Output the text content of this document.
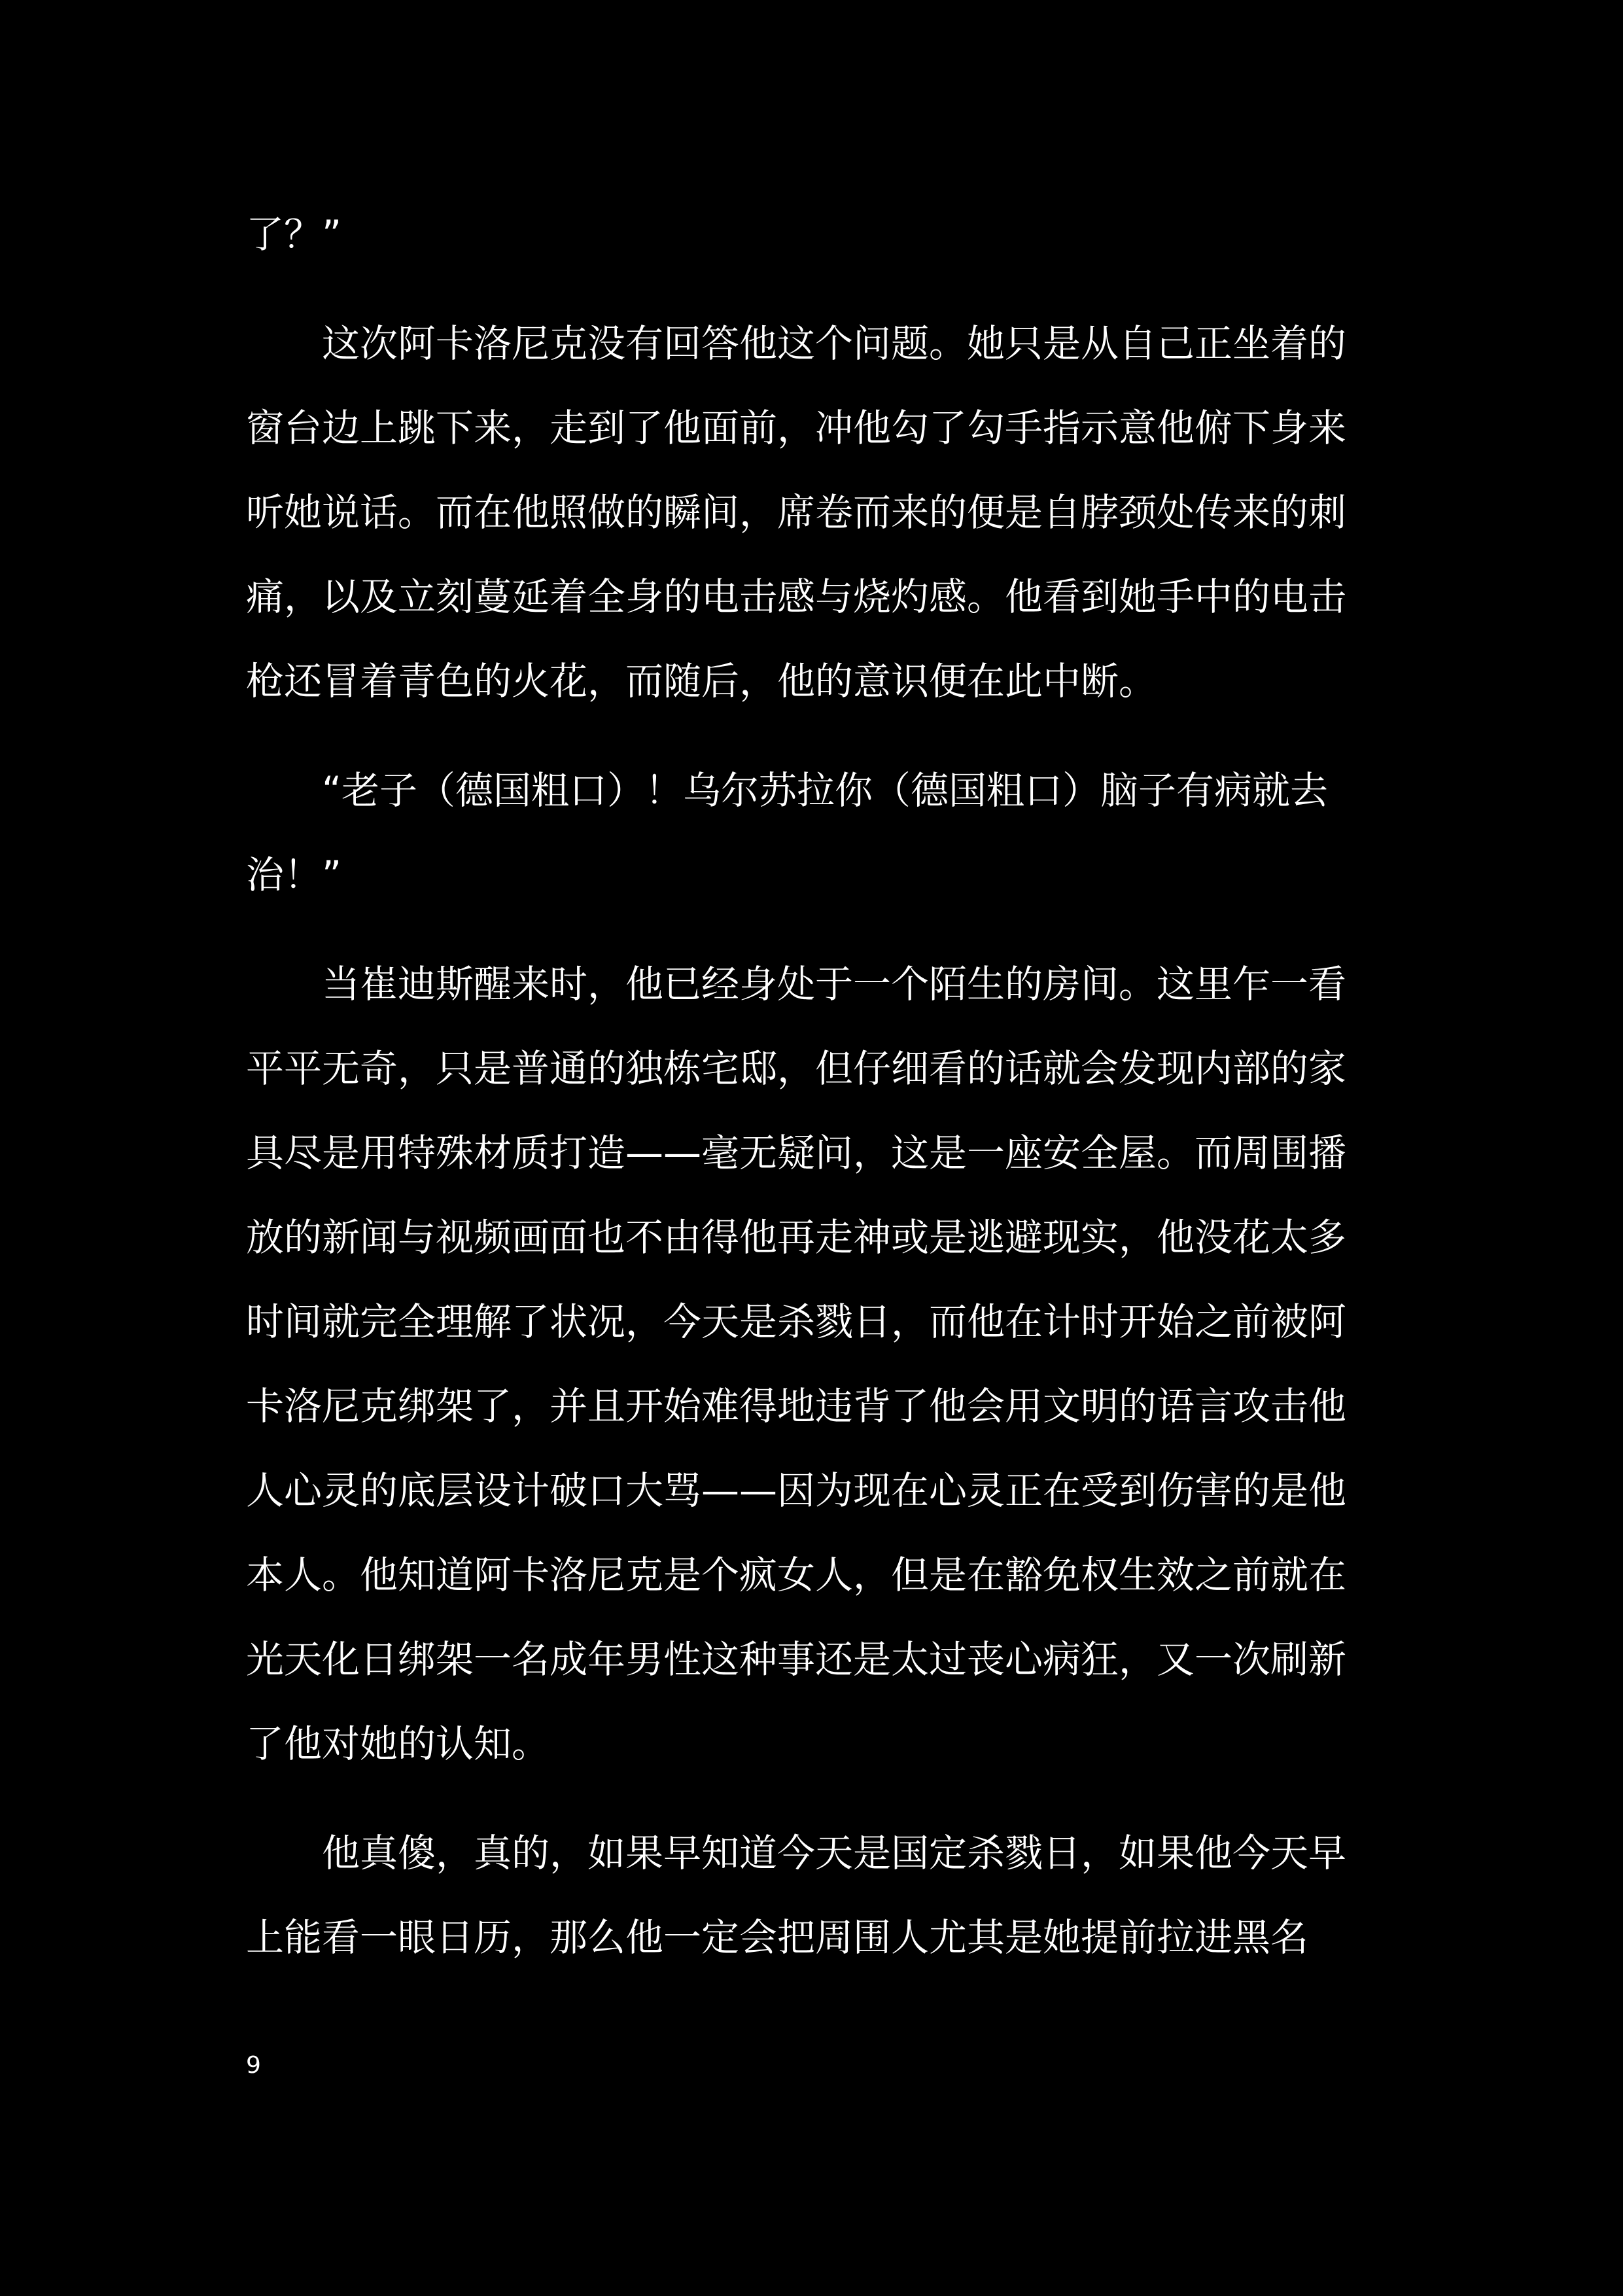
了？”
这次阿卡洛尼克没有回答他这个问题。她只是从自己正坐着的
窗台边上跳下来，走到了他面前，冲他勾了勾手指示意他俯下身来
听她说话。而在他照做的瞬间，席卷而来的便是自脖颈处传来的刺
痛，以及立刻蔓延着全身的电击感与烧灼感。他看到她手中的电击
枪还冒着青色的火花，而随后，他的意识便在此中断。
“老子（德国粗口）！乌尔苏拉你（德国粗口）脑子有病就去
治！”
当崔迪斯醒来时，他已经身处于一个陌生的房间。这里乍一看
平平无奇，只是普通的独栋宅邸，但仔细看的话就会发现内部的家
具尽是用特殊材质打造——毫无疑问，这是一座安全屋。而周围播
放的新闻与视频画面也不由得他再走神或是逃避现实，他没花太多
时间就完全理解了状况，今天是杀戮日，而他在计时开始之前被阿
卡洛尼克绑架了，并且开始难得地违背了他会用文明的语言攻击他
人心灵的底层设计破口大骂——因为现在心灵正在受到伤害的是他
本人。他知道阿卡洛尼克是个疯女人，但是在豁免权生效之前就在
光天化日绑架一名成年男性这种事还是太过丧心病狂，又一次刷新
了他对她的认知。
他真傻，真的，如果早知道今天是国定杀戮日，如果他今天早
上能看一眼日历，那么他一定会把周围人尤其是她提前拉进黑名
9
